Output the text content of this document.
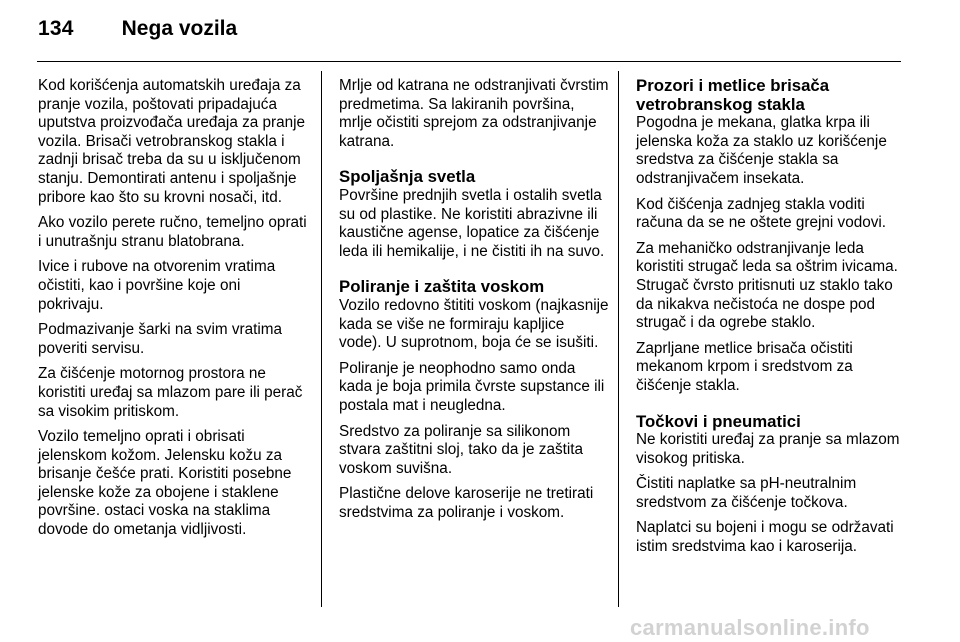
134 Nega vozila

Kod korišćenja automatskih uređaja za pranje vozila, poštovati pripadajuća uputstva proizvođača uređaja za pranje vozila. Brisači vetrobranskog stakla i zadnji brisač treba da su u isključenom stanju. Demontirati antenu i spoljašnje pribore kao što su krovni nosači, itd.

Ako vozilo perete ručno, temeljno oprati i unutrašnju stranu blatobrana.

Ivice i rubove na otvorenim vratima očistiti, kao i površine koje oni pokrivaju.

Podmazivanje šarki na svim vratima poveriti servisu.

Za čišćenje motornog prostora ne koristiti uređaj sa mlazom pare ili perač sa visokim pritiskom.

Vozilo temeljno oprati i obrisati jelenskom kožom. Jelensku kožu za brisanje češće prati. Koristiti posebne jelenske kože za obojene i staklene površine. ostaci voska na staklima dovode do ometanja vidljivosti.

Mrlje od katrana ne odstranjivati čvrstim predmetima. Sa lakiranih površina, mrlje očistiti sprejom za odstranjivanje katrana.

Spoljašnja svetla

Površine prednjih svetla i ostalih svetla su od plastike. Ne koristiti abrazivne ili kaustične agense, lopatice za čišćenje leda ili hemikalije, i ne čistiti ih na suvo.

Poliranje i zaštita voskom

Vozilo redovno štititi voskom (najkasnije kada se više ne formiraju kapljice vode). U suprotnom, boja će se isušiti.

Poliranje je neophodno samo onda kada je boja primila čvrste supstance ili postala mat i neugledna.

Sredstvo za poliranje sa silikonom stvara zaštitni sloj, tako da je zaštita voskom suvišna.

Plastične delove karoserije ne tretirati sredstvima za poliranje i voskom.

Prozori i metlice brisača vetrobranskog stakla

Pogodna je mekana, glatka krpa ili jelenska koža za staklo uz korišćenje sredstva za čišćenje stakla sa odstranjivačem insekata.

Kod čišćenja zadnjeg stakla voditi računa da se ne oštete grejni vodovi.

Za mehaničko odstranjivanje leda koristiti strugač leda sa oštrim ivicama. Strugač čvrsto pritisnuti uz staklo tako da nikakva nečistoća ne dospe pod strugač i da ogrebe staklo.

Zaprljane metlice brisača očistiti mekanom krpom i sredstvom za čišćenje stakla.

Točkovi i pneumatici

Ne koristiti uređaj za pranje sa mlazom visokog pritiska.

Čistiti naplatke sa pH-neutralnim sredstvom za čišćenje točkova.

Naplatci su bojeni i mogu se održavati istim sredstvima kao i karoserija.

carmanualsonline.info
